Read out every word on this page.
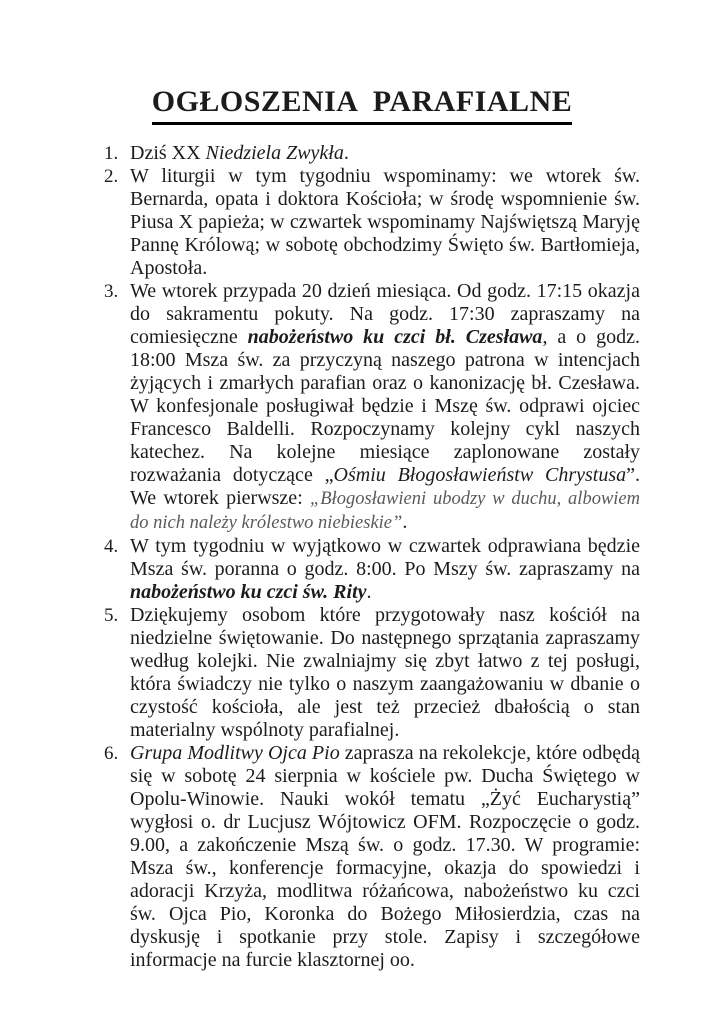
OGŁOSZENIA  PARAFIALNE
1. Dziś XX Niedziela Zwykła.
2. W liturgii w tym tygodniu wspominamy: we wtorek św. Bernarda, opata i doktora Kościoła; w środę wspomnienie św. Piusa X papieża; w czwartek wspominamy Najświętszą Maryję Pannę Królową; w sobotę obchodzimy Święto św. Bartłomieja, Apostoła.
3. We wtorek przypada 20 dzień miesiąca. Od godz. 17:15 okazja do sakramentu pokuty. Na godz. 17:30 zapraszamy na comiesięczne nabożeństwo ku czci bł. Czesława, a o godz. 18:00 Msza św. za przyczyną naszego patrona w intencjach żyjących i zmarłych parafian oraz o kanonizację bł. Czesława. W konfesjonale posługiwał będzie i Mszę św. odprawi ojciec Francesco Baldelli. Rozpoczynamy kolejny cykl naszych katechez. Na kolejne miesiące zaplonowane zostały rozważania dotyczące „Ośmiu Błogosławieństw Chrystusa”. We wtorek pierwsze: „Błogosławieni ubodzy w duchu, albowiem do nich należy królestwo niebieskie”.
4. W tym tygodniu w wyjątkowo w czwartek odprawiana będzie Msza św. poranna o godz. 8:00. Po Mszy św. zapraszamy na nabożeństwo ku czci św. Rity.
5. Dziękujemy osobom które przygotowały nasz kościół na niedzielne świętowanie. Do następnego sprzątania zapraszamy według kolejki. Nie zwalniajmy się zbyt łatwo z tej posługi, która świadczy nie tylko o naszym zaangażowaniu w dbanie o czystość kościoła, ale jest też przecież dbałością o stan materialny wspólnoty parafialnej.
6. Grupa Modlitwy Ojca Pio zaprasza na rekolekcje, które odbędą się w sobotę 24 sierpnia w kościele pw. Ducha Świętego w Opolu-Winowie. Nauki wokół tematu „Żyć Eucharystią” wygłosi o. dr Lucjusz Wójtowicz OFM. Rozpoczęcie o godz. 9.00, a zakończenie Mszą św. o godz. 17.30. W programie: Msza św., konferencje formacyjne, okazja do spowiedzi i adoracji Krzyża, modlitwa różańcowa, nabożeństwo ku czci św. Ojca Pio, Koronka do Bożego Miłosierdzia, czas na dyskusję i spotkanie przy stole. Zapisy i szczegółowe informacje na furcie klasztornej oo.
